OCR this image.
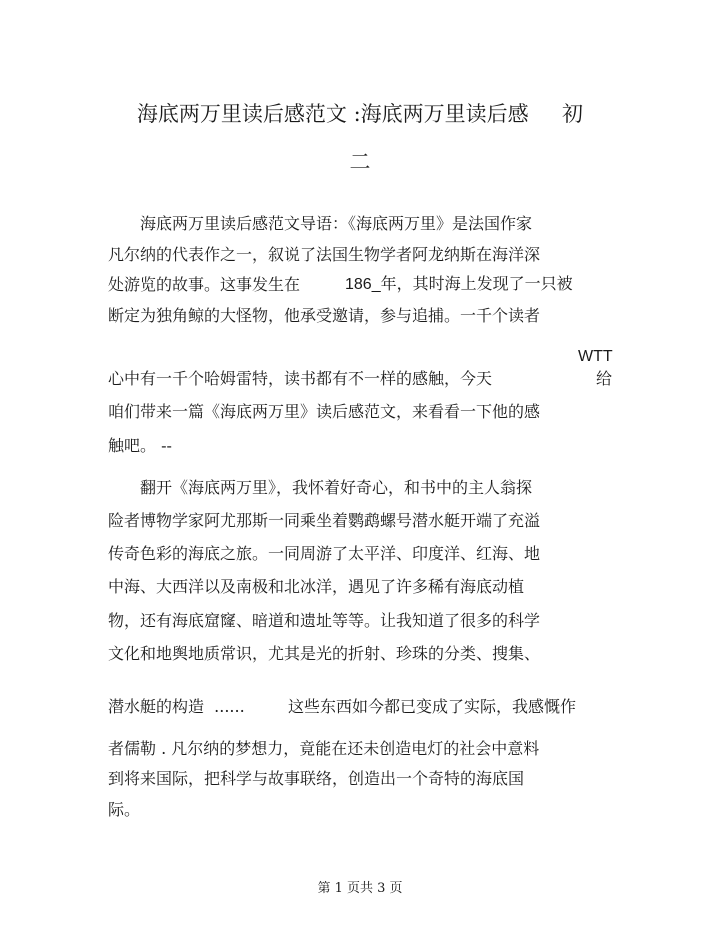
海底两万里读后感范文 :海底两万里读后感     初
二
海底两万里读后感范文导语：《海底两万里》是法国作家
凡尔纳的代表作之一，叙说了法国生物学者阿龙纳斯在海洋深
处游览的故事。这事发生在	186_年，其时海上发现了一只被
断定为独角鲸的大怪物，他承受邀请，参与追捕。一千个读者
WTT
心中有一千个哈姆雷特，读书都有不一样的感触，今天	给
咱们带来一篇《海底两万里》读后感范文，来看看一下他的感
触吧。 --
翻开《海底两万里》，我怀着好奇心，和书中的主人翁探
险者博物学家阿尤那斯一同乘坐着鹦鹉螺号潜水艇开端了充溢
传奇色彩的海底之旅。一同周游了太平洋、印度洋、红海、地
中海、大西洋以及南极和北冰洋，遇见了许多稀有海底动植
物，还有海底窟窿、暗道和遗址等等。让我知道了很多的科学
文化和地舆地质常识，尤其是光的折射、珍珠的分类、搜集、
潜水艇的构造  ......	这些东西如今都已变成了实际，我感慨作
者儒勒 . 凡尔纳的梦想力，竟能在还未创造电灯的社会中意料
到将来国际，把科学与故事联络，创造出一个奇特的海底国
际。
第 1 页共 3 页
